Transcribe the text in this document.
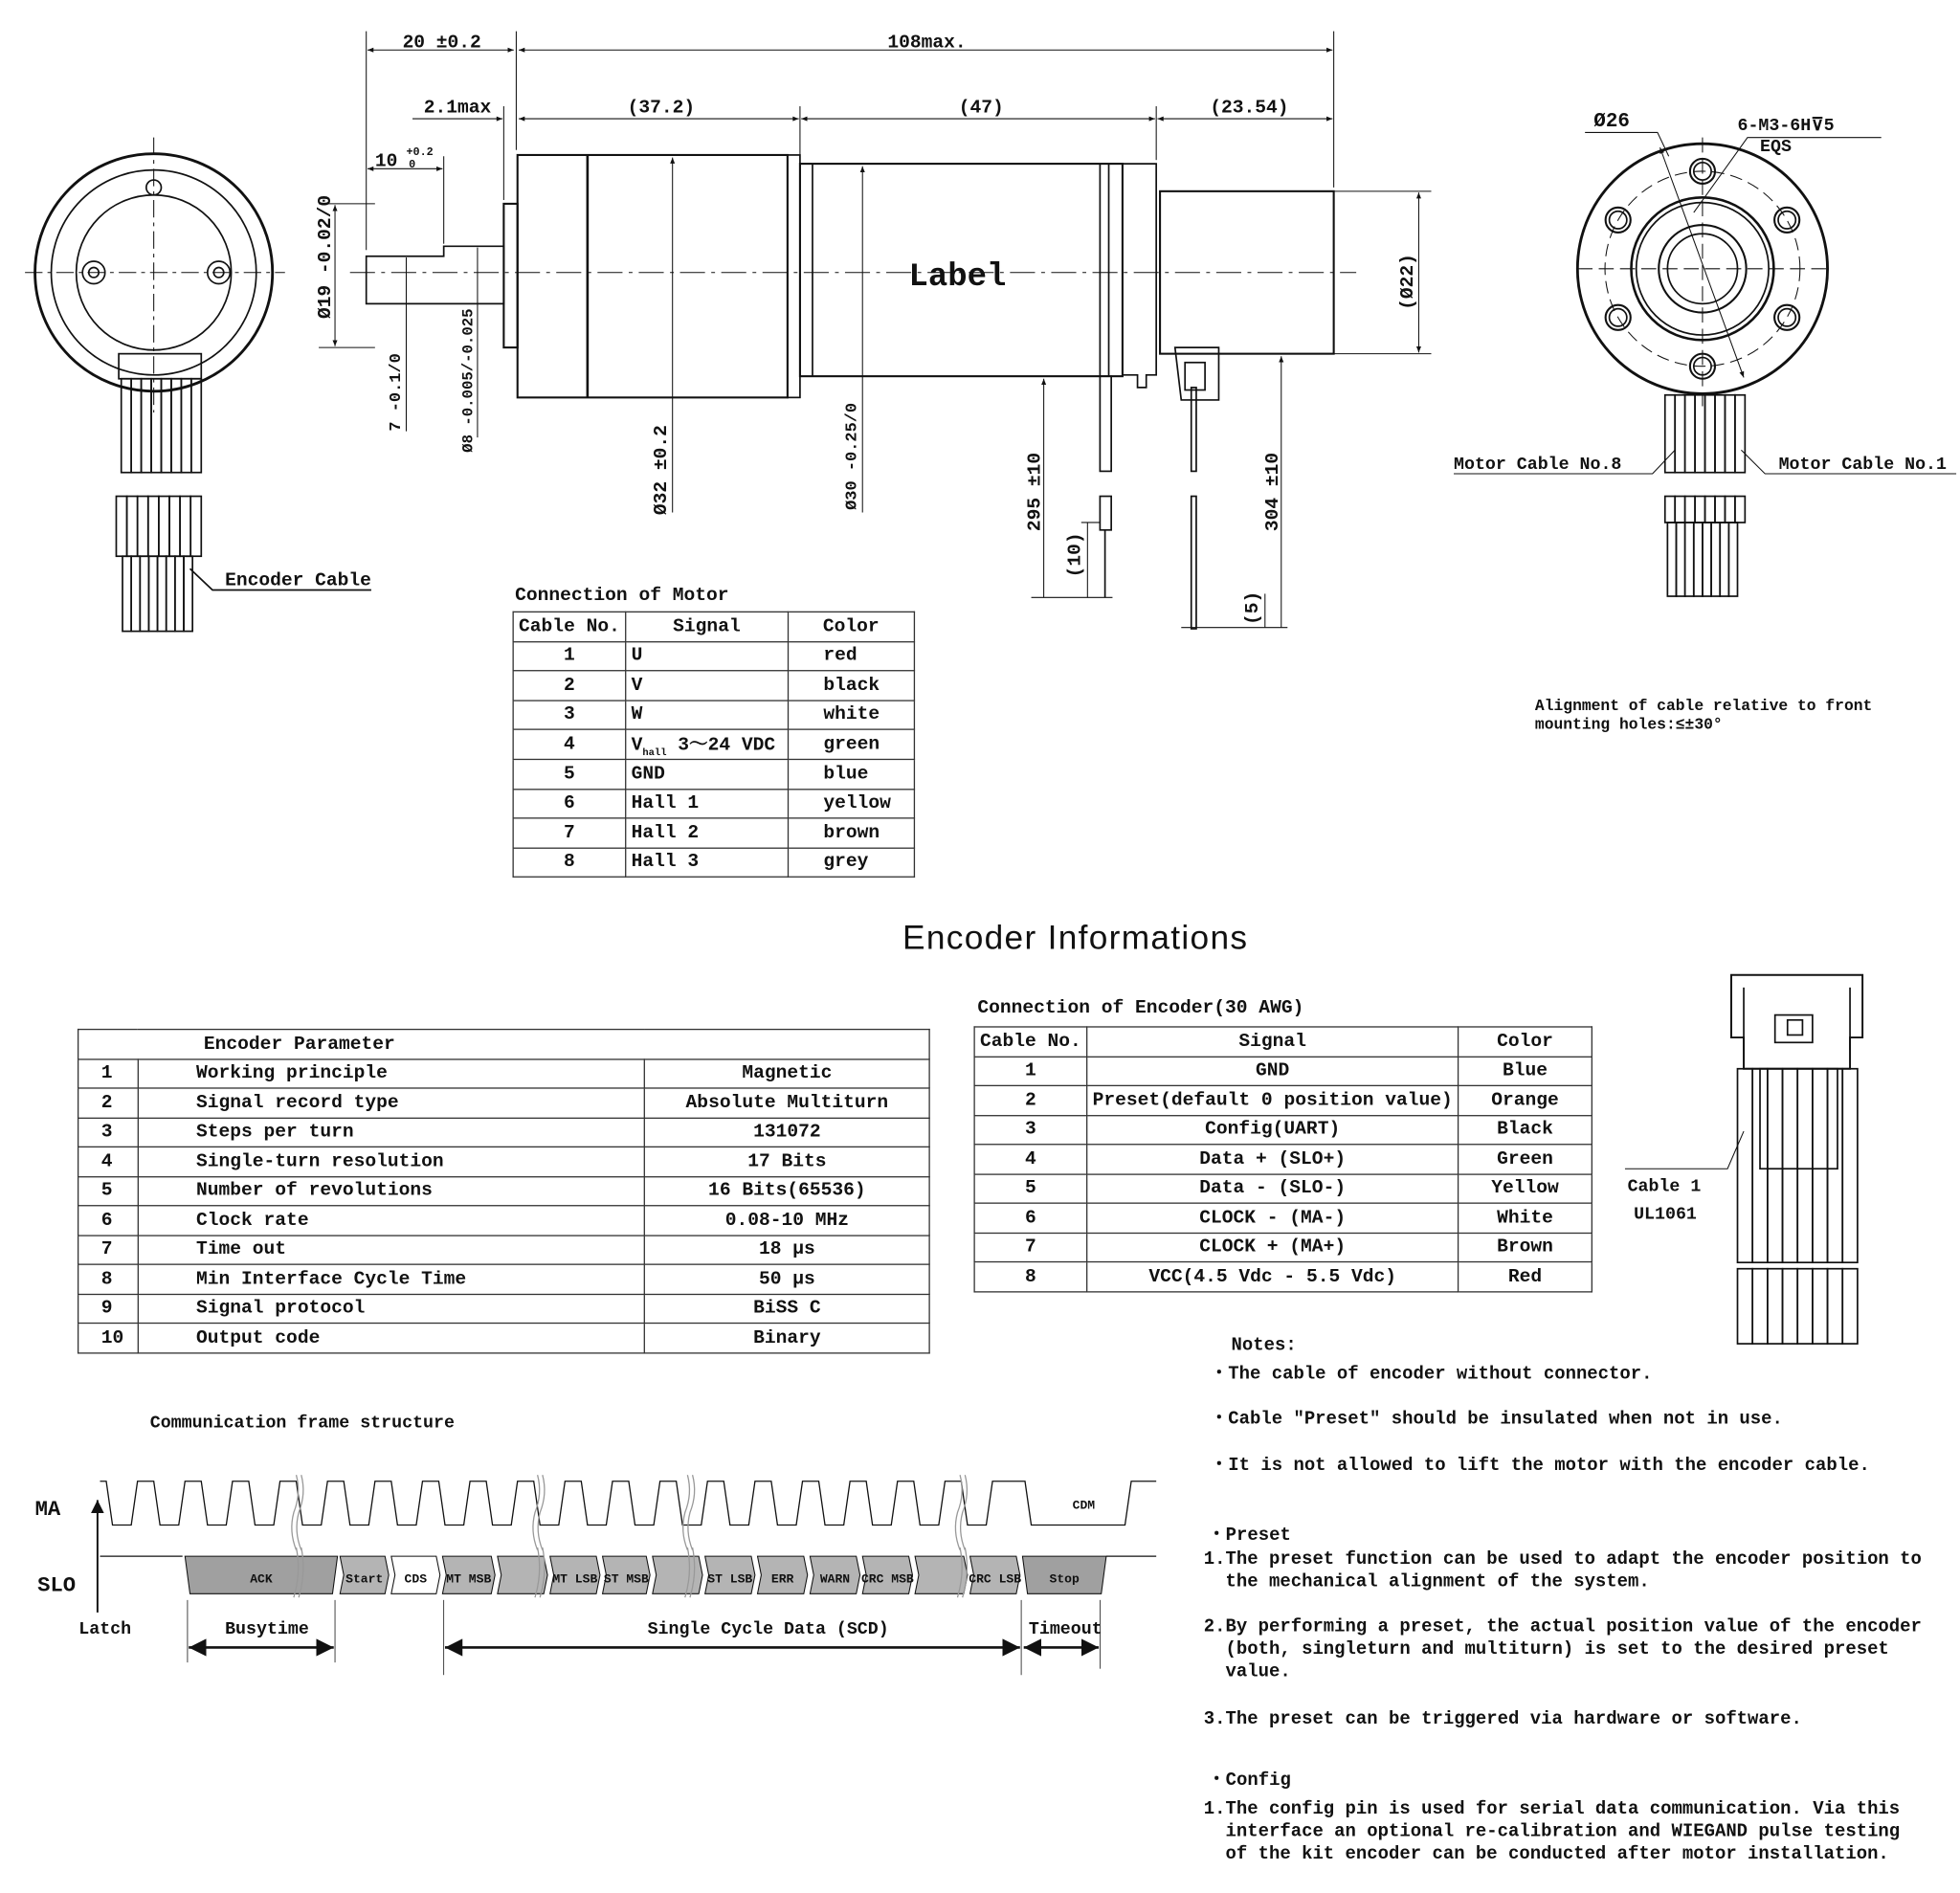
Encoder Cable
Label
20 ±0.2	108max.
2.1max	(37.2)	(47)	(23.54)
10 +0.2
0
Ø19 -0.02/0
7 -0.1/0	Ø8 -0.005/-0.025
Ø32 ±0.2	Ø30 -0.25/0	295 ±10
(10)
304 ±10
(5)
(Ø22)
Ø26	6-M3-6H⊽5
EQS
Motor Cable No.8	Motor Cable No.1
Alignment of cable relative to front
mounting holes:≤±30°
Cable 1
UL1061
ACK	Start CDS MT MSB	MT LSB ST MSB	ST LSB ERR	WARN CRC MSB	CRC LSB	Stop
MA
SLO
CDM
Latch	Busytime	Single Cycle Data (SCD)	Timeout
Connection of Motor
Cable No.	Signal	Color
1	U	red
2	V	black
3	W	white
4	$V_{hall}$ 3～24 VDC	green
5	GND	blue
6	Hall 1	yellow
7	Hall 2	brown
8	Hall 3	grey
Encoder Informations
Encoder Parameter		
1	Working principle	Magnetic
2	Signal record type	Absolute Multiturn
3	Steps per turn	131072
4	Single-turn resolution	17 Bits
5	Number of revolutions	16 Bits(65536)
6	Clock rate	0.08-10 MHz
7	Time out	18 μs
8	Min Interface Cycle Time	50 μs
9	Signal protocol	BiSS C
10	Output code	Binary
Connection of Encoder(30 AWG)
Cable No.	Signal	Color
1	GND	Blue
2	Preset(default 0 position value)	Orange
3	Config(UART)	Black
4	Data + (SLO+)	Green
5	Data - (SLO-)	Yellow
6	CLOCK - (MA-)	White
7	CLOCK + (MA+)	Brown
8	VCC(4.5 Vdc - 5.5 Vdc)	Red
Communication frame structure
Notes:
・The cable of encoder without connector.
・Cable "Preset" should be insulated when not in use.
・It is not allowed to lift the motor with the encoder cable.
・Preset
1.The preset function can be used to adapt the encoder position to
the mechanical alignment of the system.
2.By performing a preset, the actual position value of the encoder
(both, singleturn and multiturn) is set to the desired preset
value.
3.The preset can be triggered via hardware or software.
・Config
1.The config pin is used for serial data communication. Via this
interface an optional re-calibration and WIEGAND pulse testing
of the kit encoder can be conducted after motor installation.
